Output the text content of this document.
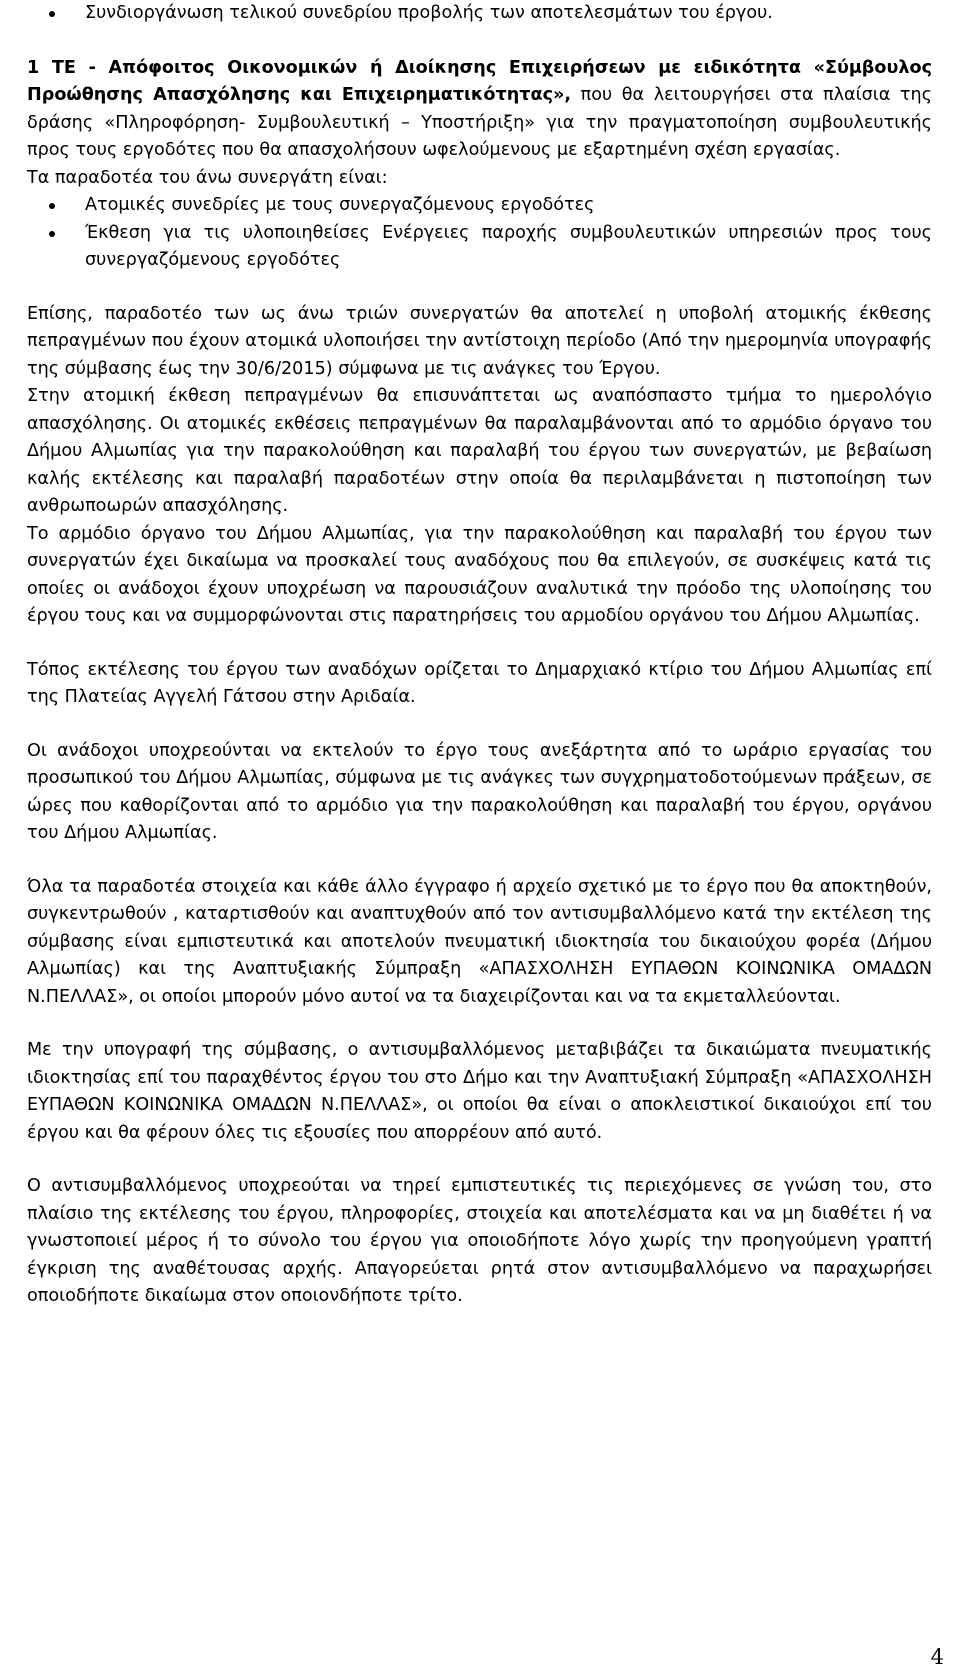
Συνδιοργάνωση τελικού συνεδρίου προβολής των αποτελεσμάτων του έργου.

1 ΤΕ - Απόφοιτος Οικονομικών ή Διοίκησης Επιχειρήσεων με ειδικότητα «Σύμβουλος Προώθησης Απασχόλησης και Επιχειρηματικότητας», που θα λειτουργήσει στα πλαίσια της δράσης «Πληροφόρηση- Συμβουλευτική – Υποστήριξη» για την πραγματοποίηση συμβουλευτικής προς τους εργοδότες που θα απασχολήσουν ωφελούμενους με εξαρτημένη σχέση εργασίας.

Τα παραδοτέα του άνω συνεργάτη είναι:

Ατομικές συνεδρίες με τους συνεργαζόμενους εργοδότες
Έκθεση για τις υλοποιηθείσες Ενέργειες παροχής συμβουλευτικών υπηρεσιών προς τους συνεργαζόμενους εργοδότες

Επίσης, παραδοτέο των ως άνω τριών συνεργατών θα αποτελεί η υποβολή ατομικής έκθεσης πεπραγμένων που έχουν ατομικά υλοποιήσει την αντίστοιχη περίοδο (Από την ημερομηνία υπογραφής της σύμβασης έως την 30/6/2015) σύμφωνα με τις ανάγκες του Έργου.

Στην ατομική έκθεση πεπραγμένων θα επισυνάπτεται ως αναπόσπαστο τμήμα το ημερολόγιο απασχόλησης. Οι ατομικές εκθέσεις πεπραγμένων θα παραλαμβάνονται από το αρμόδιο όργανο του Δήμου Αλμωπίας για την παρακολούθηση και παραλαβή του έργου των συνεργατών, με βεβαίωση καλής εκτέλεσης και παραλαβή παραδοτέων στην οποία θα περιλαμβάνεται η πιστοποίηση των ανθρωποωρών απασχόλησης.

Το αρμόδιο όργανο του Δήμου Αλμωπίας, για την παρακολούθηση και παραλαβή του έργου των συνεργατών έχει δικαίωμα να προσκαλεί τους αναδόχους που θα επιλεγούν, σε συσκέψεις κατά τις οποίες οι ανάδοχοι έχουν υποχρέωση να παρουσιάζουν αναλυτικά την πρόοδο της υλοποίησης του έργου τους και να συμμορφώνονται στις παρατηρήσεις του αρμοδίου οργάνου του Δήμου Αλμωπίας.

Τόπος εκτέλεσης του έργου των αναδόχων ορίζεται το Δημαρχιακό κτίριο του Δήμου Αλμωπίας επί της Πλατείας Αγγελή Γάτσου στην Αριδαία.

Οι ανάδοχοι υποχρεούνται να εκτελούν το έργο τους ανεξάρτητα από το ωράριο εργασίας του προσωπικού του Δήμου Αλμωπίας, σύμφωνα με τις ανάγκες των συγχρηματοδοτούμενων πράξεων, σε ώρες που καθορίζονται από το αρμόδιο για την παρακολούθηση και παραλαβή του έργου, οργάνου του Δήμου Αλμωπίας.

Όλα τα παραδοτέα στοιχεία και κάθε άλλο έγγραφο ή αρχείο σχετικό με το έργο που θα αποκτηθούν, συγκεντρωθούν , καταρτισθούν και αναπτυχθούν από τον αντισυμβαλλόμενο κατά την εκτέλεση της σύμβασης είναι εμπιστευτικά και αποτελούν πνευματική ιδιοκτησία του δικαιούχου φορέα (Δήμου Αλμωπίας) και της Αναπτυξιακής Σύμπραξη «ΑΠΑΣΧΟΛΗΣΗ ΕΥΠΑΘΩΝ ΚΟΙΝΩΝΙΚΑ ΟΜΑΔΩΝ Ν.ΠΕΛΛΑΣ», οι οποίοι μπορούν μόνο αυτοί να τα διαχειρίζονται και να τα εκμεταλλεύονται.

Με την υπογραφή της σύμβασης, ο αντισυμβαλλόμενος μεταβιβάζει τα δικαιώματα πνευματικής ιδιοκτησίας επί του παραχθέντος έργου του στο Δήμο και την Αναπτυξιακή Σύμπραξη «ΑΠΑΣΧΟΛΗΣΗ ΕΥΠΑΘΩΝ ΚΟΙΝΩΝΙΚΑ ΟΜΑΔΩΝ Ν.ΠΕΛΛΑΣ», οι οποίοι θα είναι ο αποκλειστικοί δικαιούχοι επί του έργου και θα φέρουν όλες τις εξουσίες που απορρέουν από αυτό.

Ο αντισυμβαλλόμενος υποχρεούται να τηρεί εμπιστευτικές τις περιεχόμενες σε γνώση του, στο πλαίσιο της εκτέλεσης του έργου, πληροφορίες, στοιχεία και αποτελέσματα και να μη διαθέτει ή να γνωστοποιεί μέρος ή το σύνολο του έργου για οποιοδήποτε λόγο χωρίς την προηγούμενη γραπτή έγκριση της αναθέτουσας αρχής. Απαγορεύεται ρητά στον αντισυμβαλλόμενο να παραχωρήσει οποιοδήποτε δικαίωμα στον οποιονδήποτε τρίτο.

4
